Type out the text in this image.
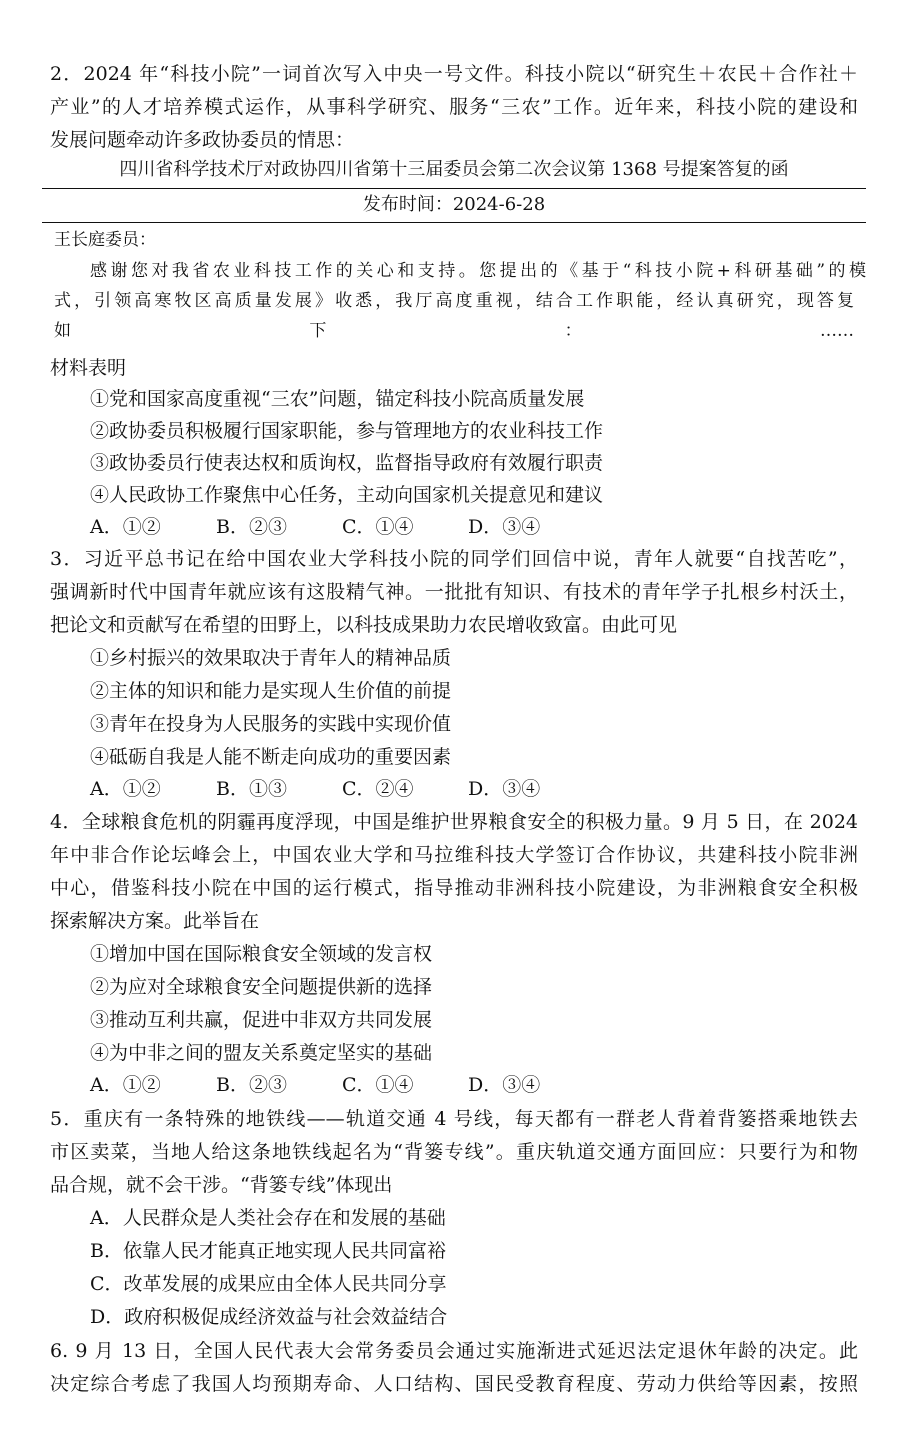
2．2024 年“科技小院”一词首次写入中央一号文件。科技小院以“研究生＋农民＋合作社＋
产业”的人才培养模式运作，从事科学研究、服务“三农”工作。近年来，科技小院的建设和
发展问题牵动许多政协委员的情思：
四川省科学技术厅对政协四川省第十三届委员会第二次会议第 1368 号提案答复的函
发布时间：2024-6-28
王长庭委员：
感谢您对我省农业科技工作的关心和支持。您提出的《基于“科技小院+科研基础”的模
式，引领高寒牧区高质量发展》收悉，我厅高度重视，结合工作职能，经认真研究，现答复
如下：……
材料表明
①党和国家高度重视“三农”问题，锚定科技小院高质量发展
②政协委员积极履行国家职能，参与管理地方的农业科技工作
③政协委员行使表达权和质询权，监督指导政府有效履行职责
④人民政协工作聚焦中心任务，主动向国家机关提意见和建议
A．①②	B．②③	C．①④	D．③④
3．习近平总书记在给中国农业大学科技小院的同学们回信中说，青年人就要“自找苦吃”，
强调新时代中国青年就应该有这股精气神。一批批有知识、有技术的青年学子扎根乡村沃土，
把论文和贡献写在希望的田野上，以科技成果助力农民增收致富。由此可见
①乡村振兴的效果取决于青年人的精神品质
②主体的知识和能力是实现人生价值的前提
③青年在投身为人民服务的实践中实现价值
④砥砺自我是人能不断走向成功的重要因素
A．①②	B．①③	C．②④	D．③④
4．全球粮食危机的阴霾再度浮现，中国是维护世界粮食安全的积极力量。9 月 5 日，在 2024
年中非合作论坛峰会上，中国农业大学和马拉维科技大学签订合作协议，共建科技小院非洲
中心，借鉴科技小院在中国的运行模式，指导推动非洲科技小院建设，为非洲粮食安全积极
探索解决方案。此举旨在
①增加中国在国际粮食安全领域的发言权
②为应对全球粮食安全问题提供新的选择
③推动互利共赢，促进中非双方共同发展
④为中非之间的盟友关系奠定坚实的基础
A．①②	B．②③	C．①④	D．③④
5．重庆有一条特殊的地铁线——轨道交通 4 号线，每天都有一群老人背着背篓搭乘地铁去
市区卖菜，当地人给这条地铁线起名为“背篓专线”。重庆轨道交通方面回应：只要行为和物
品合规，就不会干涉。“背篓专线”体现出
A．人民群众是人类社会存在和发展的基础
B．依靠人民才能真正地实现人民共同富裕
C．改革发展的成果应由全体人民共同分享
D．政府积极促成经济效益与社会效益结合
6. 9 月 13 日，全国人民代表大会常务委员会通过实施渐进式延迟法定退休年龄的决定。此
决定综合考虑了我国人均预期寿命、人口结构、国民受教育程度、劳动力供给等因素，按照
